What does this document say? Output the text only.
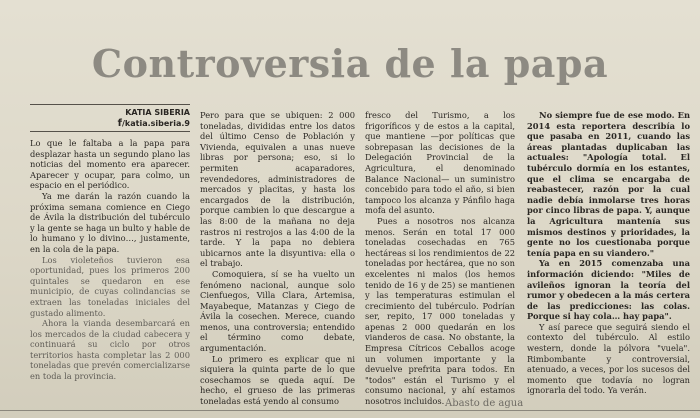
Controversia de la papa
KATIA SIBERIA
f/katia.siberia.9

Lo que le faltaba a la papa para desplazar hasta un segundo plano las noticias del momento era aparecer. Aparecer y ocupar, para colmo, un espacio en el periódico.

Ya me darán la razón cuando la próxima semana comience en Ciego de Ávila la distribución del tubérculo y la gente se haga un bulto y hable de lo humano y lo divino…, justamente, en la cola de la papa.

Los violeteños tuvieron esa oportunidad, pues los primeros 200 quintales se quedaron en ese municipio, de cuyas colindancias se extraen las toneladas iniciales del gustado alimento.

Ahora la vianda desembarcará en los mercados de la ciudad cabecera y continuará su ciclo por otros territorios hasta completar las 2 000 toneladas que prevén comercializarse en toda la provincia.

Pero para que se ubiquen: 2 000 toneladas, divididas entre los datos del último Censo de Población y Vivienda, equivalen a unas nueve libras por persona; eso, si lo permiten acaparadores, revendedores, administradores de mercados y placitas, y hasta los encargados de la distribución, porque cambien lo que descargue a las 8:00 de la mañana no deja rastros ni restrojos a las 4:00 de la tarde. Y la papa no debiera ubicarnos ante la disyuntiva: ella o el trabajo.

Comoquiera, sí se ha vuelto un fenómeno nacional, aunque solo Cienfuegos, Villa Clara, Artemisa, Mayabeque, Matanzas y Ciego de Ávila la cosechen. Merece, cuando menos, una controversia; entendido el término como debate, argumentación.

Lo primero es explicar que ni siquiera la quinta parte de lo que cosechamos se queda aquí. De hecho, el grueso de las primeras toneladas está yendo al consumo

fresco del Turismo, a los frigoríficos y de estos a la capital, que mantiene —por políticas que sobrepasan las decisiones de la Delegación Provincial de la Agricultura, el denominado Balance Nacional— un suministro concebido para todo el año, si bien tampoco los alcanza y Pánfilo haga mofa del asunto.

Pues a nosotros nos alcanza menos. Serán en total 17 000 toneladas cosechadas en 765 hectáreas si los rendimientos de 22 toneladas por hectárea, que no son excelentes ni malos (los hemos tenido de 16 y de 25) se mantienen y las temperaturas estimulan el crecimiento del tubérculo. Podrían ser, repito, 17 000 toneladas y apenas 2 000 quedarán en los vianderos de casa. No obstante, la Empresa Cítricos Ceballos acoge un volumen importante y la devuelve prefrita para todos. En "todos" están el Turismo y el consumo nacional, y ahí estamos nosotros incluidos.

No siempre fue de ese modo. En 2014 esta reportera describía lo que pasaba en 2011, cuando las áreas plantadas duplicaban las actuales: "Apología total. El tubérculo dormía en los estantes, que el clima se encargaba de reabastecer, razón por la cual nadie debía inmolarse tres horas por cinco libras de papa. Y, aunque la Agricultura mantenía sus mismos destinos y prioridades, la gente no los cuestionaba porque tenía papa en su viandero."

Ya en 2015 comenzaba una información diciendo: "Miles de avileños ignoran la teoría del rumor y obedecen a la más certera de las predicciones: las colas. Porque si hay cola… hay papa".

Y así parece que seguirá siendo el contexto del tubérculo. Al estilo western, donde la pólvora "vuela". Rimbombante y controversial, atenuado, a veces, por los sucesos del momento que todavía no logran ignorarla del todo. Ya verán.

Abasto de agua
